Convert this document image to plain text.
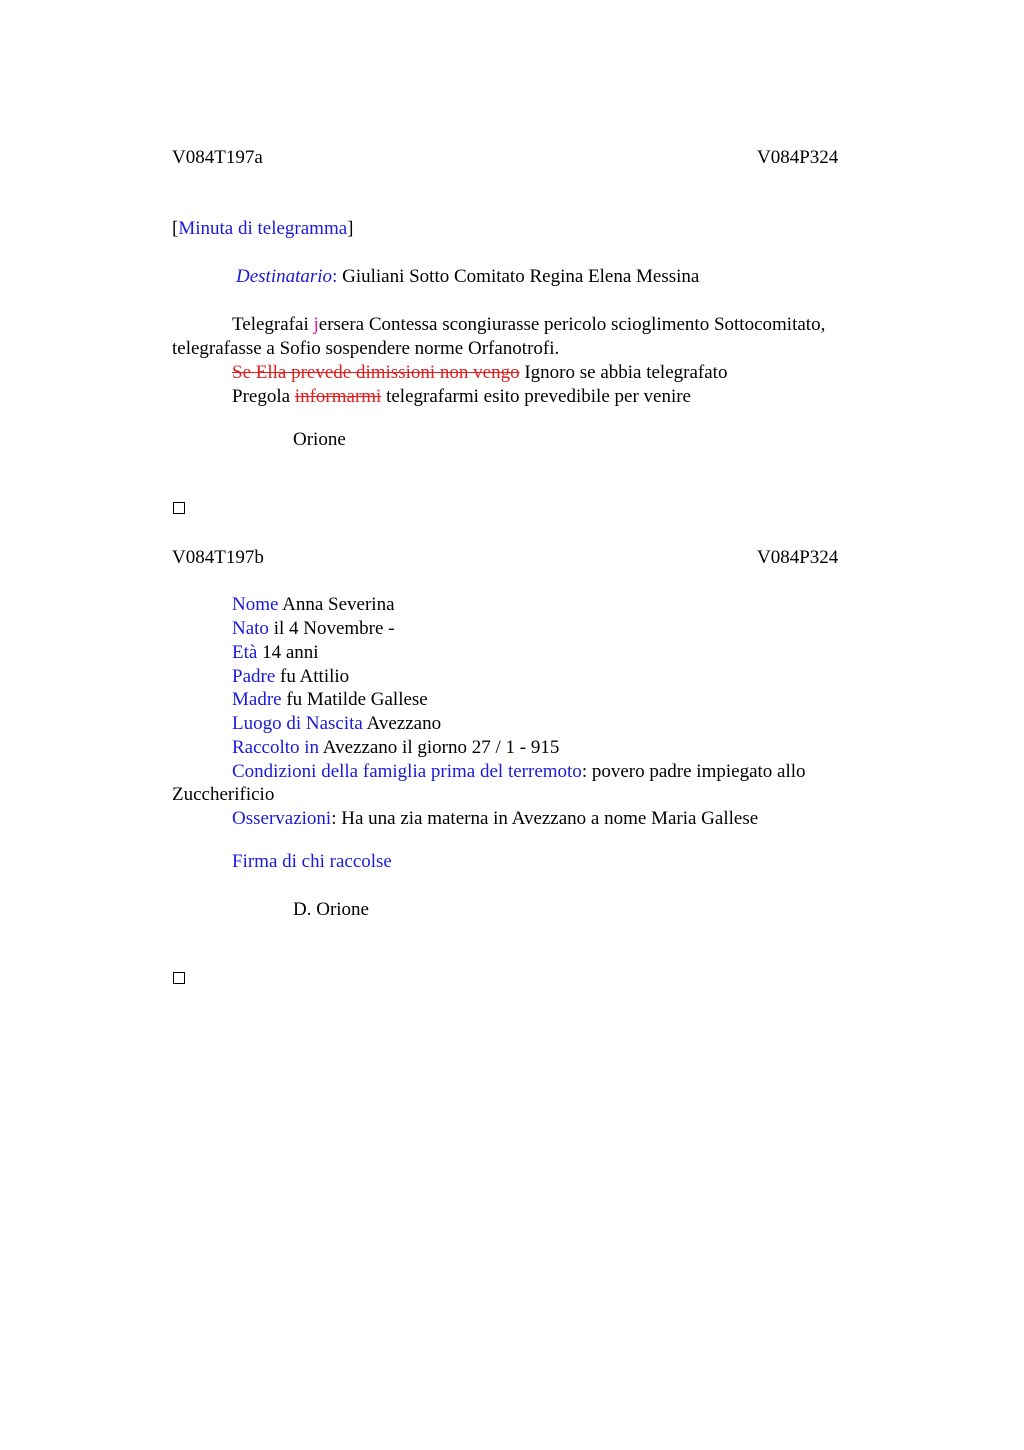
V084T197a	V084P324
[Minuta di telegramma]
Destinatario: Giuliani Sotto Comitato Regina Elena Messina
Telegrafai jersera Contessa scongiurasse pericolo scioglimento Sottocomitato,
telegrafasse a Sofio sospendere norme Orfanotrofi.
Se Ella prevede dimissioni non vengo Ignoro se abbia telegrafato
Pregola informarmi telegrafarmi esito prevedibile per venire
Orione
V084T197b	V084P324
Nome Anna Severina
Nato il 4 Novembre -
Età 14 anni
Padre fu Attilio
Madre fu Matilde Gallese
Luogo di Nascita Avezzano
Raccolto in Avezzano il giorno 27 / 1 - 915
Condizioni della famiglia prima del terremoto: povero padre impiegato allo
Zuccherificio
Osservazioni: Ha una zia materna in Avezzano a nome Maria Gallese
Firma di chi raccolse
D. Orione
